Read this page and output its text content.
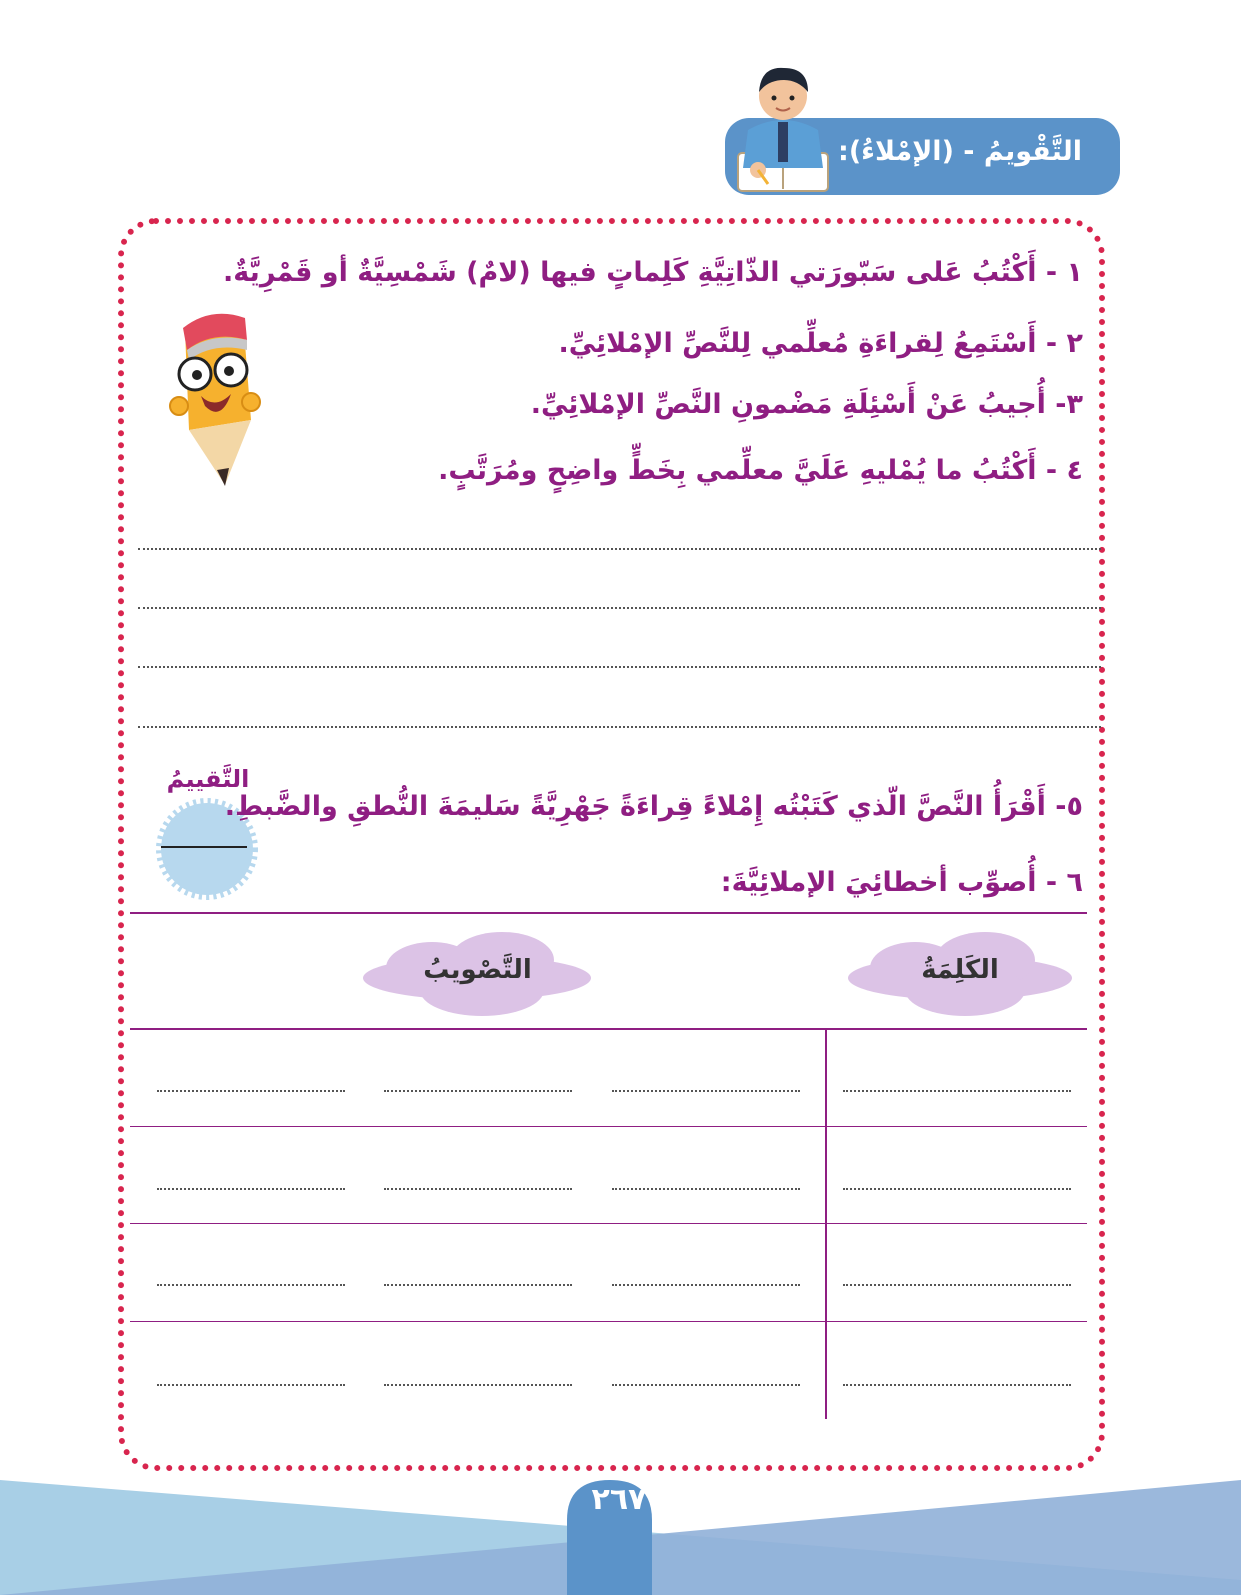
التَّقْويمُ - (الإمْلاءُ):
١ - أَكْتُبُ عَلى سَبّورَتي الذّاتِيَّةِ كَلِماتٍ فيها (لامٌ) شَمْسِيَّةٌ أو قَمْرِيَّةٌ.
٢ - أَسْتَمِعُ لِقراءَةِ مُعلِّمي لِلنَّصِّ الإمْلائِيِّ.
٣- أُجيبُ عَنْ أَسْئِلَةِ مَضْمونِ النَّصِّ الإمْلائِيِّ.
٤ - أَكْتُبُ ما يُمْليهِ عَلَيَّ معلِّمي بِخَطٍّ واضِحٍ ومُرَتَّبٍ.
التَّقييمُ
٥- أَقْرَأُ النَّصَّ الّذي كَتَبْتُه إِمْلاءً قِراءَةً جَهْرِيَّةً سَليمَةَ النُّطقِ والضَّبطِ.
٦ - أُصوِّب أخطائِيَ الإملائِيَّةَ:
الكَلِمَةُ
التَّصْويبُ
٢٦٧
